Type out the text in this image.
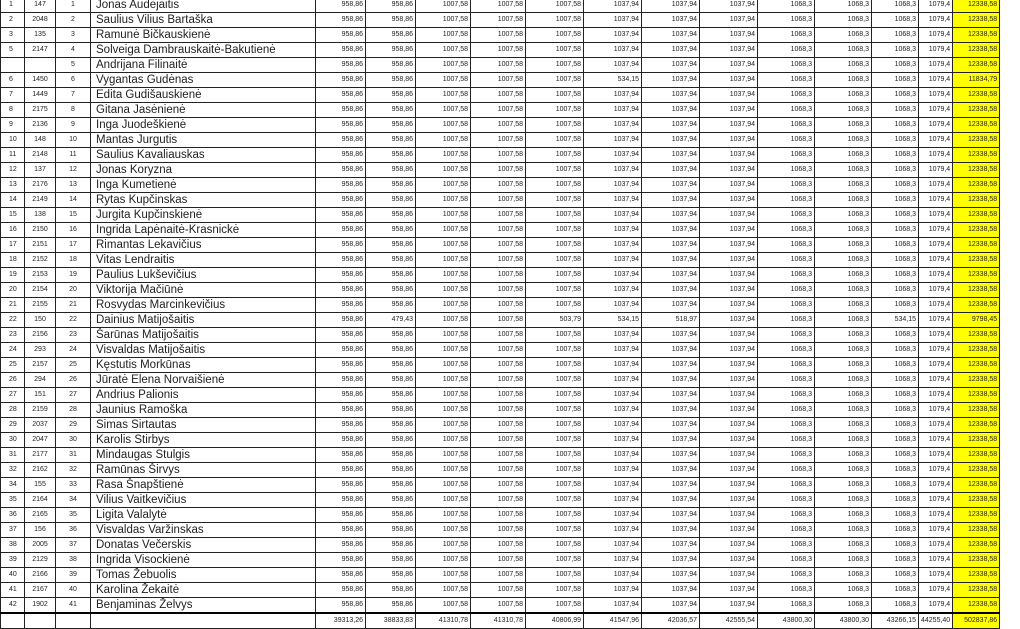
1	147	1	Jonas Audėjaitis	958,86	958,86	1007,58	1007,58	1007,58	1037,94	1037,94	1037,94	1068,3	1068,3	1068,3	1079,4	12338,58
2	2048	2	Saulius Vilius Bartaška	958,86	958,86	1007,58	1007,58	1007,58	1037,94	1037,94	1037,94	1068,3	1068,3	1068,3	1079,4	12338,58
3	135	3	Ramunė Bičkauskienė	958,86	958,86	1007,58	1007,58	1007,58	1037,94	1037,94	1037,94	1068,3	1068,3	1068,3	1079,4	12338,58
5	2147	4	Solveiga Dambrauskaitė-Bakutienė	958,86	958,86	1007,58	1007,58	1007,58	1037,94	1037,94	1037,94	1068,3	1068,3	1068,3	1079,4	12338,58
		5	Andrijana Filinaitė	958,86	958,86	1007,58	1007,58	1007,58	1037,94	1037,94	1037,94	1068,3	1068,3	1068,3	1079,4	12338,58
6	1450	6	Vygantas Gudėnas	958,86	958,86	1007,58	1007,58	1007,58	534,15	1037,94	1037,94	1068,3	1068,3	1068,3	1079,4	11834,79
7	1449	7	Edita Gudišauskienė	958,86	958,86	1007,58	1007,58	1007,58	1037,94	1037,94	1037,94	1068,3	1068,3	1068,3	1079,4	12338,58
8	2175	8	Gitana Jasėnienė	958,86	958,86	1007,58	1007,58	1007,58	1037,94	1037,94	1037,94	1068,3	1068,3	1068,3	1079,4	12338,58
9	2136	9	Inga Juodeškienė	958,86	958,86	1007,58	1007,58	1007,58	1037,94	1037,94	1037,94	1068,3	1068,3	1068,3	1079,4	12338,58
10	148	10	Mantas Jurgutis	958,86	958,86	1007,58	1007,58	1007,58	1037,94	1037,94	1037,94	1068,3	1068,3	1068,3	1079,4	12338,58
11	2148	11	Saulius Kavaliauskas	958,86	958,86	1007,58	1007,58	1007,58	1037,94	1037,94	1037,94	1068,3	1068,3	1068,3	1079,4	12338,58
12	137	12	Jonas Koryzna	958,86	958,86	1007,58	1007,58	1007,58	1037,94	1037,94	1037,94	1068,3	1068,3	1068,3	1079,4	12338,58
13	2176	13	Inga Kumetienė	958,86	958,86	1007,58	1007,58	1007,58	1037,94	1037,94	1037,94	1068,3	1068,3	1068,3	1079,4	12338,58
14	2149	14	Rytas Kupčinskas	958,86	958,86	1007,58	1007,58	1007,58	1037,94	1037,94	1037,94	1068,3	1068,3	1068,3	1079,4	12338,58
15	138	15	Jurgita Kupčinskienė	958,86	958,86	1007,58	1007,58	1007,58	1037,94	1037,94	1037,94	1068,3	1068,3	1068,3	1079,4	12338,58
16	2150	16	Ingrida Lapėnaitė-Krasnickė	958,86	958,86	1007,58	1007,58	1007,58	1037,94	1037,94	1037,94	1068,3	1068,3	1068,3	1079,4	12338,58
17	2151	17	Rimantas Lekavičius	958,86	958,86	1007,58	1007,58	1007,58	1037,94	1037,94	1037,94	1068,3	1068,3	1068,3	1079,4	12338,58
18	2152	18	Vitas Lendraitis	958,86	958,86	1007,58	1007,58	1007,58	1037,94	1037,94	1037,94	1068,3	1068,3	1068,3	1079,4	12338,58
19	2153	19	Paulius Lukševičius	958,86	958,86	1007,58	1007,58	1007,58	1037,94	1037,94	1037,94	1068,3	1068,3	1068,3	1079,4	12338,58
20	2154	20	Viktorija Mačiūnė	958,86	958,86	1007,58	1007,58	1007,58	1037,94	1037,94	1037,94	1068,3	1068,3	1068,3	1079,4	12338,58
21	2155	21	Rosvydas Marcinkevičius	958,86	958,86	1007,58	1007,58	1007,58	1037,94	1037,94	1037,94	1068,3	1068,3	1068,3	1079,4	12338,58
22	150	22	Dainius Matijošaitis	958,86	479,43	1007,58	1007,58	503,79	534,15	518,97	1037,94	1068,3	1068,3	534,15	1079,4	9798,45
23	2156	23	Šarūnas Matijošaitis	958,86	958,86	1007,58	1007,58	1007,58	1037,94	1037,94	1037,94	1068,3	1068,3	1068,3	1079,4	12338,58
24	293	24	Visvaldas Matijošaitis	958,86	958,86	1007,58	1007,58	1007,58	1037,94	1037,94	1037,94	1068,3	1068,3	1068,3	1079,4	12338,58
25	2157	25	Kęstutis Morkūnas	958,86	958,86	1007,58	1007,58	1007,58	1037,94	1037,94	1037,94	1068,3	1068,3	1068,3	1079,4	12338,58
26	294	26	Jūratė Elena Norvaišienė	958,86	958,86	1007,58	1007,58	1007,58	1037,94	1037,94	1037,94	1068,3	1068,3	1068,3	1079,4	12338,58
27	151	27	Andrius Palionis	958,86	958,86	1007,58	1007,58	1007,58	1037,94	1037,94	1037,94	1068,3	1068,3	1068,3	1079,4	12338,58
28	2159	28	Jaunius Ramoška	958,86	958,86	1007,58	1007,58	1007,58	1037,94	1037,94	1037,94	1068,3	1068,3	1068,3	1079,4	12338,58
29	2037	29	Simas Sirtautas	958,86	958,86	1007,58	1007,58	1007,58	1037,94	1037,94	1037,94	1068,3	1068,3	1068,3	1079,4	12338,58
30	2047	30	Karolis Stirbys	958,86	958,86	1007,58	1007,58	1007,58	1037,94	1037,94	1037,94	1068,3	1068,3	1068,3	1079,4	12338,58
31	2177	31	Mindaugas Stulgis	958,86	958,86	1007,58	1007,58	1007,58	1037,94	1037,94	1037,94	1068,3	1068,3	1068,3	1079,4	12338,58
32	2162	32	Ramūnas Širvys	958,86	958,86	1007,58	1007,58	1007,58	1037,94	1037,94	1037,94	1068,3	1068,3	1068,3	1079,4	12338,58
34	155	33	Rasa Šnapštienė	958,86	958,86	1007,58	1007,58	1007,58	1037,94	1037,94	1037,94	1068,3	1068,3	1068,3	1079,4	12338,58
35	2164	34	Vilius Vaitkevičius	958,86	958,86	1007,58	1007,58	1007,58	1037,94	1037,94	1037,94	1068,3	1068,3	1068,3	1079,4	12338,58
36	2165	35	Ligita Valalytė	958,86	958,86	1007,58	1007,58	1007,58	1037,94	1037,94	1037,94	1068,3	1068,3	1068,3	1079,4	12338,58
37	156	36	Visvaldas Varžinskas	958,86	958,86	1007,58	1007,58	1007,58	1037,94	1037,94	1037,94	1068,3	1068,3	1068,3	1079,4	12338,58
38	2005	37	Donatas Večerskis	958,86	958,86	1007,58	1007,58	1007,58	1037,94	1037,94	1037,94	1068,3	1068,3	1068,3	1079,4	12338,58
39	2129	38	Ingrida Visockienė	958,86	958,86	1007,58	1007,58	1007,58	1037,94	1037,94	1037,94	1068,3	1068,3	1068,3	1079,4	12338,58
40	2166	39	Tomas Žebuolis	958,86	958,86	1007,58	1007,58	1007,58	1037,94	1037,94	1037,94	1068,3	1068,3	1068,3	1079,4	12338,58
41	2167	40	Karolina Žekaitė	958,86	958,86	1007,58	1007,58	1007,58	1037,94	1037,94	1037,94	1068,3	1068,3	1068,3	1079,4	12338,58
42	1902	41	Benjaminas Želvys	958,86	958,86	1007,58	1007,58	1007,58	1037,94	1037,94	1037,94	1068,3	1068,3	1068,3	1079,4	12338,58
				39313,26	38833,83	41310,78	41310,78	40806,99	41547,96	42036,57	42555,54	43800,30	43800,30	43266,15	44255,40	502837,86
